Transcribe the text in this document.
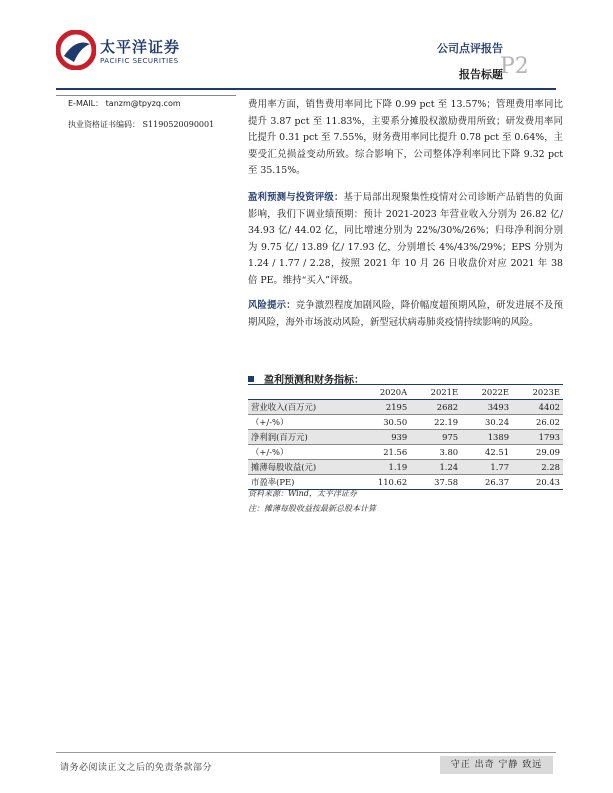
太平洋证券
PACIFIC SECURITIES
公司点评报告
报告标题
P2
E-MAIL： tanzm@tpyzq.com
执业资格证书编码： S1190520090001
费用率方面，销售费用率同比下降 0.99 pct 至 13.57%；管理费用率同比提升 3.87 pct 至 11.83%，主要系分摊股权激励费用所致；研发费用率同比提升 0.31 pct 至 7.55%，财务费用率同比提升 0.78 pct 至 0.64%，主要受汇兑损益变动所致。综合影响下，公司整体净利率同比下降 9.32 pct 至 35.15%。
盈利预测与投资评级：基于局部出现聚集性疫情对公司诊断产品销售的负面影响，我们下调业绩预期：预计 2021-2023 年营业收入分别为 26.82 亿/ 34.93 亿/ 44.02 亿，同比增速分别为 22%/30%/26%；归母净利润分别为 9.75 亿/ 13.89 亿/ 17.93 亿，分别增长 4%/43%/29%；EPS 分别为 1.24 / 1.77 / 2.28，按照 2021 年 10 月 26 日收盘价对应 2021 年 38 倍 PE。维持“买入”评级。
风险提示：竞争激烈程度加剧风险，降价幅度超预期风险，研发进展不及预期风险，海外市场波动风险，新型冠状病毒肺炎疫情持续影响的风险。
盈利预测和财务指标：
	2020A	2021E	2022E	2023E
营业收入(百万元)	2195	2682	3493	4402
（+/-%）	30.50	22.19	30.24	26.02
净利润(百万元)	939	975	1389	1793
（+/-%）	21.56	3.80	42.51	29.09
摊薄每股收益(元)	1.19	1.24	1.77	2.28
市盈率(PE)	110.62	37.58	26.37	20.43
资料来源：Wind，太平洋证券
注：摊薄每股收益按最新总股本计算
请务必阅读正文之后的免责条款部分	守正 出奇 宁静 致远
